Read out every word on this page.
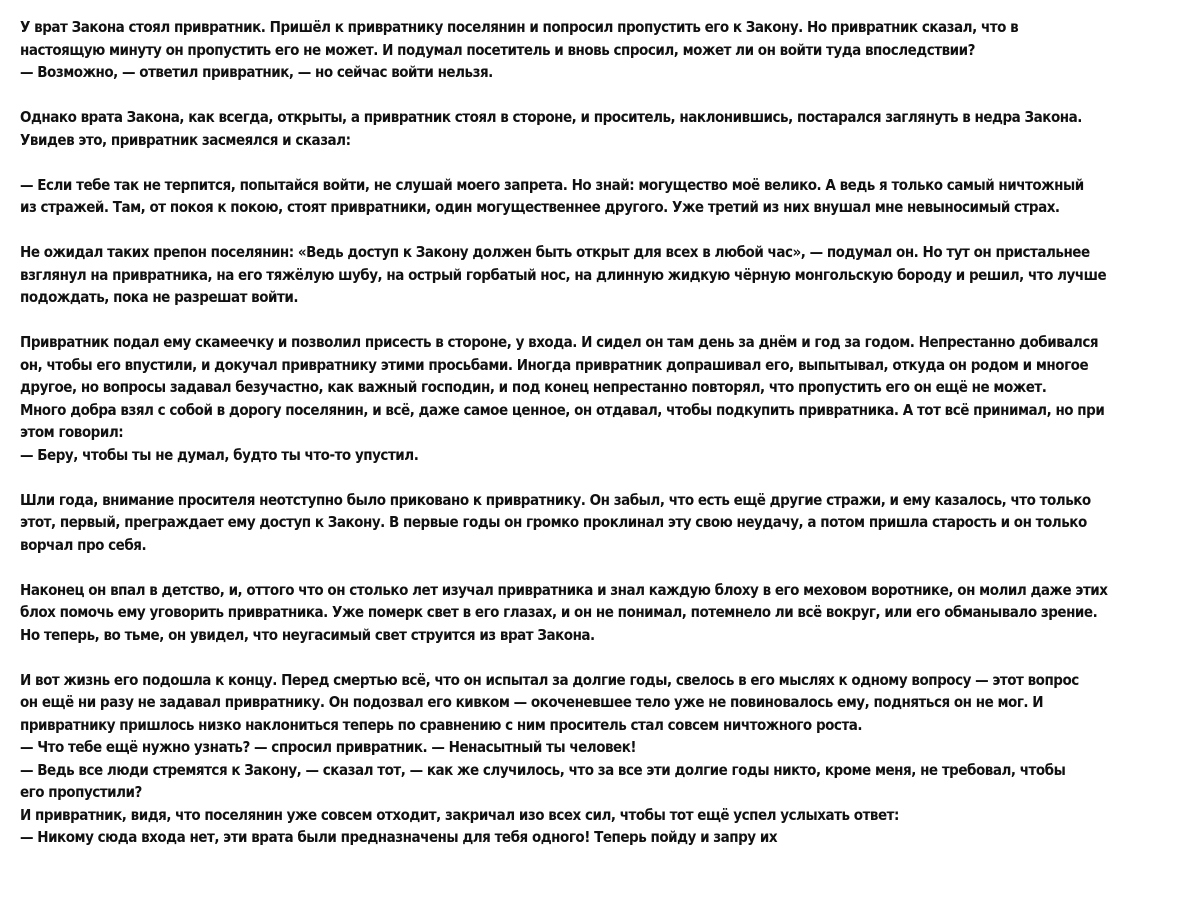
У врат Закона стоял привратник. Пришёл к привратнику поселянин и попросил пропустить его к Закону. Но привратник сказал, что в
настоящую минуту он пропустить его не может. И подумал посетитель и вновь спросил, может ли он войти туда впоследствии?
— Возможно, — ответил привратник, — но сейчас войти нельзя.
Однако врата Закона, как всегда, открыты, а привратник стоял в стороне, и проситель, наклонившись, постарался заглянуть в недра Закона.
Увидев это, привратник засмеялся и сказал:
— Если тебе так не терпится, попытайся войти, не слушай моего запрета. Но знай: могущество моё велико. А ведь я только самый ничтожный
из стражей. Там, от покоя к покою, стоят привратники, один могущественнее другого. Уже третий из них внушал мне невыносимый страх.
Не ожидал таких препон поселянин: «Ведь доступ к Закону должен быть открыт для всех в любой час», — подумал он. Но тут он пристальнее
взглянул на привратника, на его тяжёлую шубу, на острый горбатый нос, на длинную жидкую чёрную монгольскую бороду и решил, что лучше
подождать, пока не разрешат войти.
Привратник подал ему скамеечку и позволил присесть в стороне, у входа. И сидел он там день за днём и год за годом. Непрестанно добивался
он, чтобы его впустили, и докучал привратнику этими просьбами. Иногда привратник допрашивал его, выпытывал, откуда он родом и многое
другое, но вопросы задавал безучастно, как важный господин, и под конец непрестанно повторял, что пропустить его он ещё не может.
Много добра взял с собой в дорогу поселянин, и всё, даже самое ценное, он отдавал, чтобы подкупить привратника. А тот всё принимал, но при
этом говорил:
— Беру, чтобы ты не думал, будто ты что-то упустил.
Шли года, внимание просителя неотступно было приковано к привратнику. Он забыл, что есть ещё другие стражи, и ему казалось, что только
этот, первый, преграждает ему доступ к Закону. В первые годы он громко проклинал эту свою неудачу, а потом пришла старость и он только
ворчал про себя.
Наконец он впал в детство, и, оттого что он столько лет изучал привратника и знал каждую блоху в его меховом воротнике, он молил даже этих
блох помочь ему уговорить привратника. Уже померк свет в его глазах, и он не понимал, потемнело ли всё вокруг, или его обманывало зрение.
Но теперь, во тьме, он увидел, что неугасимый свет струится из врат Закона.
И вот жизнь его подошла к концу. Перед смертью всё, что он испытал за долгие годы, свелось в его мыслях к одному вопросу — этот вопрос
он ещё ни разу не задавал привратнику. Он подозвал его кивком — окоченевшее тело уже не повиновалось ему, подняться он не мог. И
привратнику пришлось низко наклониться теперь по сравнению с ним проситель стал совсем ничтожного роста.
— Что тебе ещё нужно узнать? — спросил привратник. — Ненасытный ты человек!
— Ведь все люди стремятся к Закону, — сказал тот, — как же случилось, что за все эти долгие годы никто, кроме меня, не требовал, чтобы
его пропустили?
И привратник, видя, что поселянин уже совсем отходит, закричал изо всех сил, чтобы тот ещё успел услыхать ответ:
— Никому сюда входа нет, эти врата были предназначены для тебя одного! Теперь пойду и запру их
